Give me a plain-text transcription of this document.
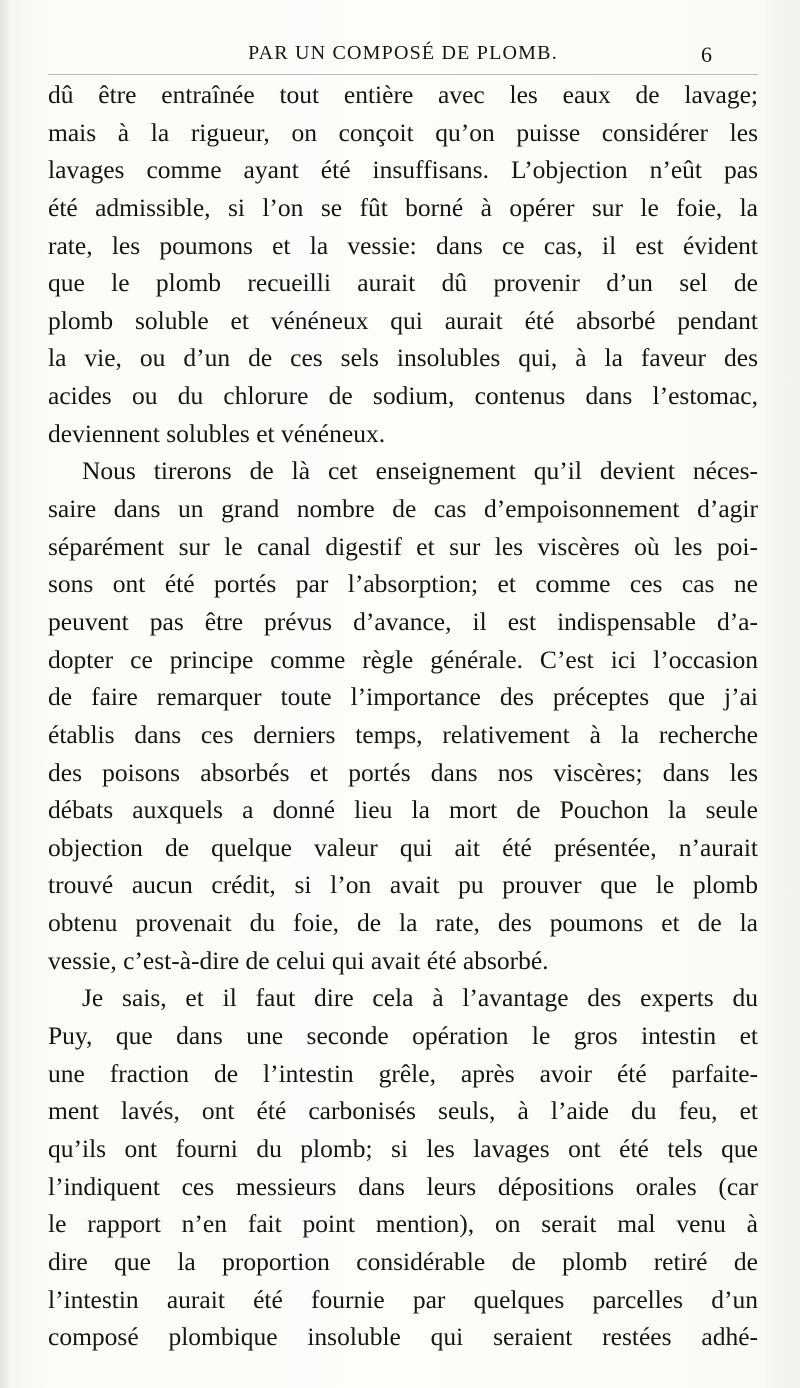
PAR UN COMPOSÉ DE PLOMB.	6
dû être entraînée tout entière avec les eaux de lavage;
mais à la rigueur, on conçoit qu’on puisse considérer les
lavages comme ayant été insuffisans. L’objection n’eût pas
été admissible, si l’on se fût borné à opérer sur le foie, la
rate, les poumons et la vessie: dans ce cas, il est évident
que le plomb recueilli aurait dû provenir d’un sel de
plomb soluble et vénéneux qui aurait été absorbé pendant
la vie, ou d’un de ces sels insolubles qui, à la faveur des
acides ou du chlorure de sodium, contenus dans l’estomac,
deviennent solubles et vénéneux.
Nous tirerons de là cet enseignement qu’il devient néces-
saire dans un grand nombre de cas d’empoisonnement d’agir
séparément sur le canal digestif et sur les viscères où les poi-
sons ont été portés par l’absorption; et comme ces cas ne
peuvent pas être prévus d’avance, il est indispensable d’a-
dopter ce principe comme règle générale. C’est ici l’occasion
de faire remarquer toute l’importance des préceptes que j’ai
établis dans ces derniers temps, relativement à la recherche
des poisons absorbés et portés dans nos viscères; dans les
débats auxquels a donné lieu la mort de Pouchon la seule
objection de quelque valeur qui ait été présentée, n’aurait
trouvé aucun crédit, si l’on avait pu prouver que le plomb
obtenu provenait du foie, de la rate, des poumons et de la
vessie, c’est-à-dire de celui qui avait été absorbé.
Je sais, et il faut dire cela à l’avantage des experts du
Puy, que dans une seconde opération le gros intestin et
une fraction de l’intestin grêle, après avoir été parfaite-
ment lavés, ont été carbonisés seuls, à l’aide du feu, et
qu’ils ont fourni du plomb; si les lavages ont été tels que
l’indiquent ces messieurs dans leurs dépositions orales (car
le rapport n’en fait point mention), on serait mal venu à
dire que la proportion considérable de plomb retiré de
l’intestin aurait été fournie par quelques parcelles d’un
composé plombique insoluble qui seraient restées adhé-
